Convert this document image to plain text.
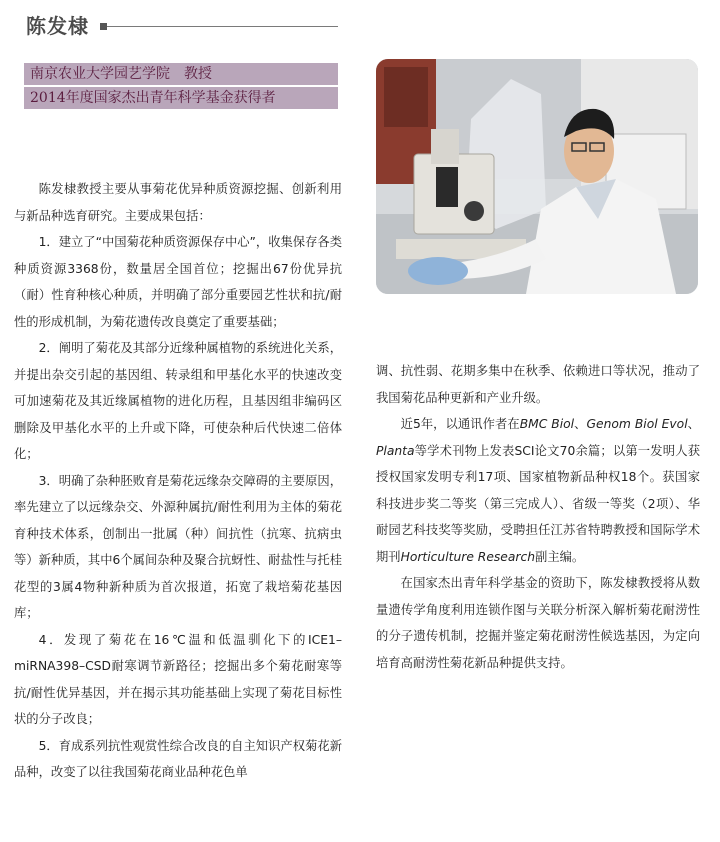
陈发棣
南京农业大学园艺学院　教授
2014年度国家杰出青年科学基金获得者

陈发棣教授主要从事菊花优异种质资源挖掘、创新利用与新品种选育研究。主要成果包括：

1．建立了“中国菊花种质资源保存中心”，收集保存各类种质资源3368份，数量居全国首位；挖掘出67份优异抗（耐）性育种核心种质，并明确了部分重要园艺性状和抗/耐性的形成机制，为菊花遗传改良奠定了重要基础；

2．阐明了菊花及其部分近缘种属植物的系统进化关系，并提出杂交引起的基因组、转录组和甲基化水平的快速改变可加速菊花及其近缘属植物的进化历程，且基因组非编码区删除及甲基化水平的上升或下降，可使杂种后代快速二倍体化；

3．明确了杂种胚败育是菊花远缘杂交障碍的主要原因，率先建立了以远缘杂交、外源种属抗/耐性利用为主体的菊花育种技术体系，创制出一批属（种）间抗性（抗寒、抗病虫等）新种质，其中6个属间杂种及聚合抗蚜性、耐盐性与托桂花型的3属4物种新种质为首次报道，拓宽了栽培菊花基因库；

4．发现了菊花在16℃温和低温驯化下的ICE1–miRNA398–CSD耐寒调节新路径；挖掘出多个菊花耐寒等抗/耐性优异基因，并在揭示其功能基础上实现了菊花目标性状的分子改良；

5．育成系列抗性观赏性综合改良的自主知识产权菊花新品种，改变了以往我国菊花商业品种花色单

调、抗性弱、花期多集中在秋季、依赖进口等状况，推动了我国菊花品种更新和产业升级。

近5年，以通讯作者在BMC Biol、Genom Biol Evol、Planta等学术刊物上发表SCI论文70余篇；以第一发明人获授权国家发明专利17项、国家植物新品种权18个。获国家科技进步奖二等奖（第三完成人）、省级一等奖（2项）、华耐园艺科技奖等奖励，受聘担任江苏省特聘教授和国际学术期刊Horticulture Research副主编。

在国家杰出青年科学基金的资助下，陈发棣教授将从数量遗传学角度利用连锁作图与关联分析深入解析菊花耐涝性的分子遗传机制，挖掘并鉴定菊花耐涝性候选基因，为定向培育高耐涝性菊花新品种提供支持。
